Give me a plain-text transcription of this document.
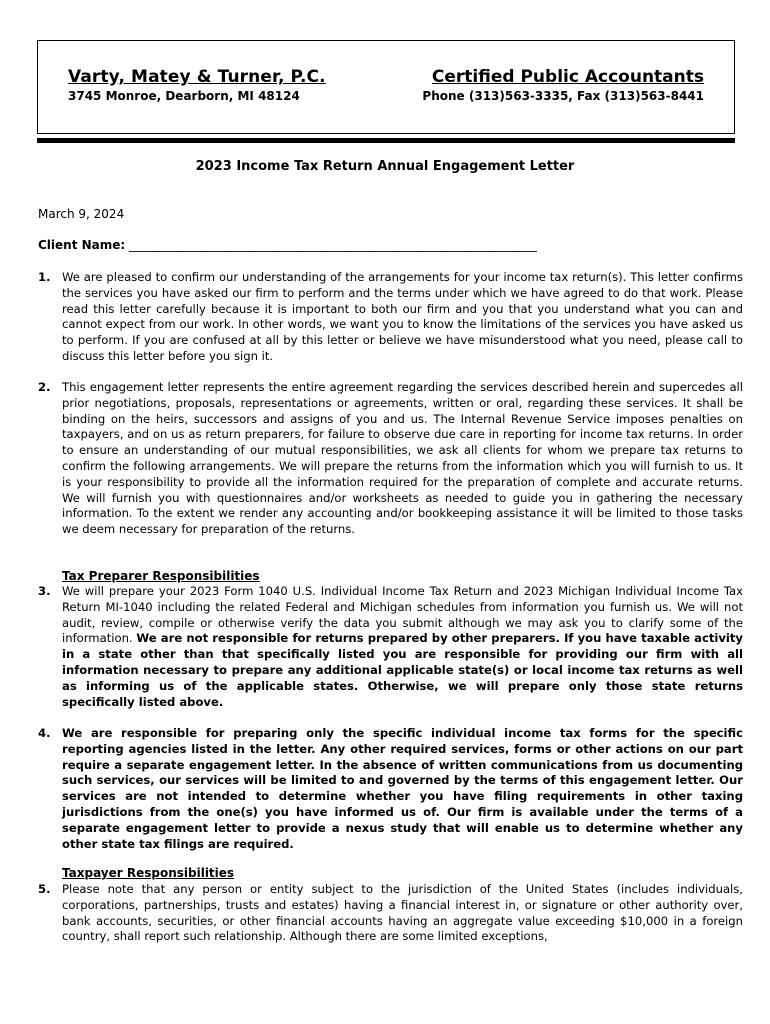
Varty, Matey & Turner, P.C.	Certified Public Accountants
3745 Monroe, Dearborn, MI 48124	Phone (313)563-3335, Fax (313)563-8441
2023 Income Tax Return Annual Engagement Letter
March 9, 2024
Client Name: ____________________________________________________________________
1. We are pleased to confirm our understanding of the arrangements for your income tax return(s). This letter confirms the services you have asked our firm to perform and the terms under which we have agreed to do that work. Please read this letter carefully because it is important to both our firm and you that you understand what you can and cannot expect from our work. In other words, we want you to know the limitations of the services you have asked us to perform. If you are confused at all by this letter or believe we have misunderstood what you need, please call to discuss this letter before you sign it.
2. This engagement letter represents the entire agreement regarding the services described herein and supercedes all prior negotiations, proposals, representations or agreements, written or oral, regarding these services. It shall be binding on the heirs, successors and assigns of you and us. The Internal Revenue Service imposes penalties on taxpayers, and on us as return preparers, for failure to observe due care in reporting for income tax returns. In order to ensure an understanding of our mutual responsibilities, we ask all clients for whom we prepare tax returns to confirm the following arrangements. We will prepare the returns from the information which you will furnish to us. It is your responsibility to provide all the information required for the preparation of complete and accurate returns. We will furnish you with questionnaires and/or worksheets as needed to guide you in gathering the necessary information. To the extent we render any accounting and/or bookkeeping assistance it will be limited to those tasks we deem necessary for preparation of the returns.
Tax Preparer Responsibilities
3. We will prepare your 2023 Form 1040 U.S. Individual Income Tax Return and 2023 Michigan Individual Income Tax Return MI-1040 including the related Federal and Michigan schedules from information you furnish us. We will not audit, review, compile or otherwise verify the data you submit although we may ask you to clarify some of the information. We are not responsible for returns prepared by other preparers. If you have taxable activity in a state other than that specifically listed you are responsible for providing our firm with all information necessary to prepare any additional applicable state(s) or local income tax returns as well as informing us of the applicable states. Otherwise, we will prepare only those state returns specifically listed above.
4. We are responsible for preparing only the specific individual income tax forms for the specific reporting agencies listed in the letter. Any other required services, forms or other actions on our part require a separate engagement letter. In the absence of written communications from us documenting such services, our services will be limited to and governed by the terms of this engagement letter. Our services are not intended to determine whether you have filing requirements in other taxing jurisdictions from the one(s) you have informed us of. Our firm is available under the terms of a separate engagement letter to provide a nexus study that will enable us to determine whether any other state tax filings are required.
Taxpayer Responsibilities
5. Please note that any person or entity subject to the jurisdiction of the United States (includes individuals, corporations, partnerships, trusts and estates) having a financial interest in, or signature or other authority over, bank accounts, securities, or other financial accounts having an aggregate value exceeding $10,000 in a foreign country, shall report such relationship. Although there are some limited exceptions,
